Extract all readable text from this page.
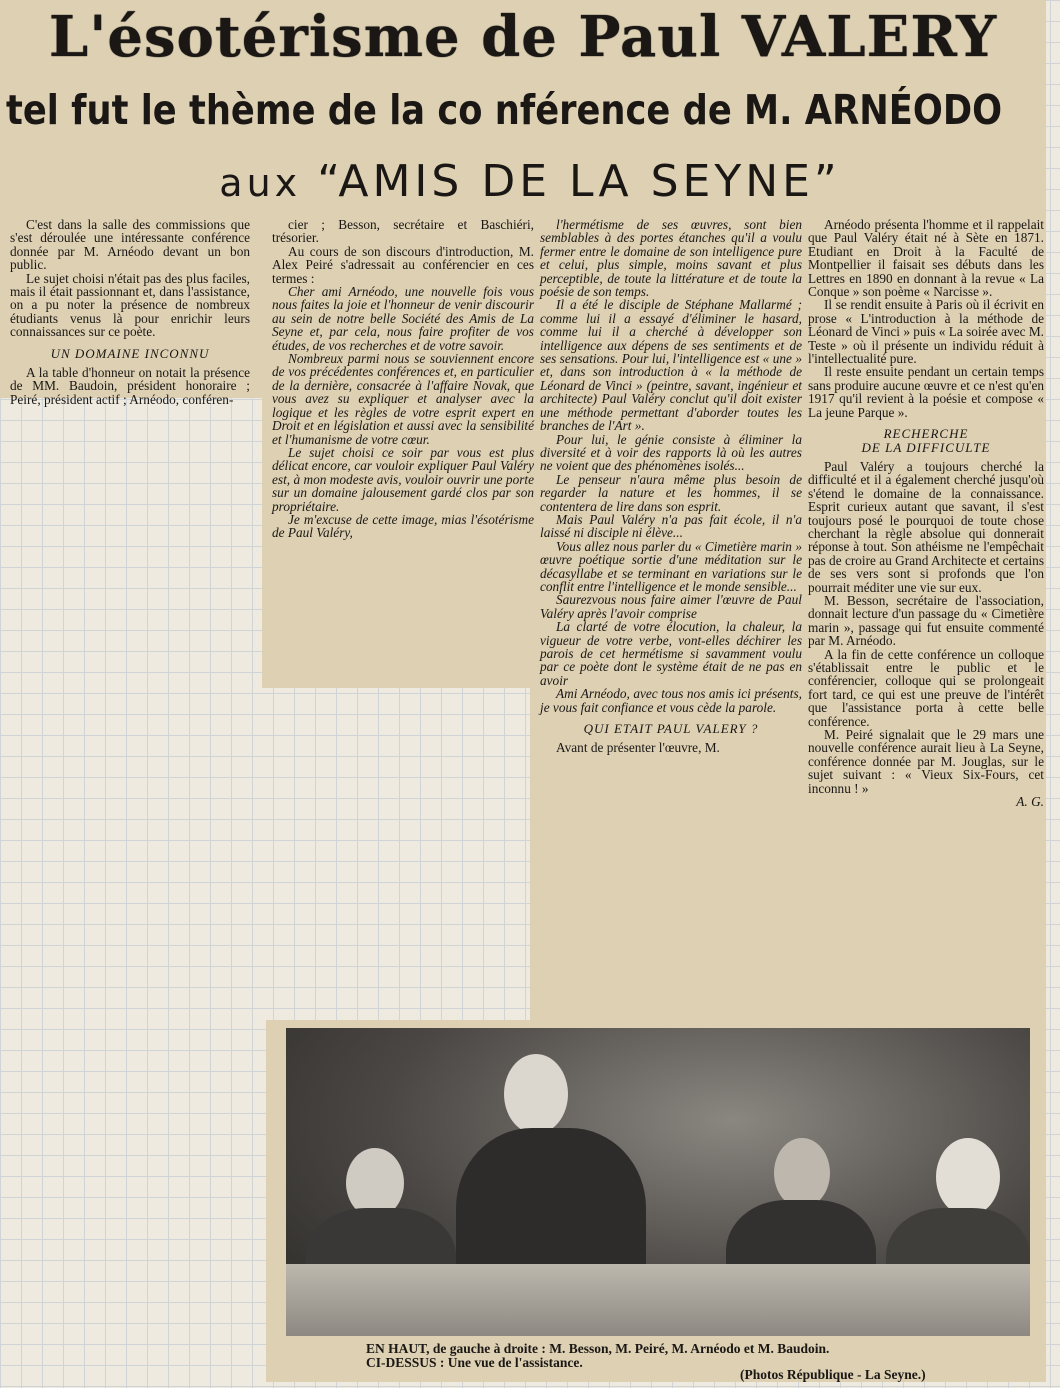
L'ésotérisme de Paul VALERY
tel fut le thème de la co nférence de M. ARNÉODO
aux “AMIS DE LA SEYNE”

C'est dans la salle des commissions que s'est déroulée une intéressante conférence donnée par M. Arnéodo devant un bon public.

Le sujet choisi n'était pas des plus faciles, mais il était passionnant et, dans l'assistance, on a pu noter la présence de nombreux étudiants venus là pour enrichir leurs connaissances sur ce poète.

UN DOMAINE INCONNU

A la table d'honneur on notait la présence de MM. Baudoin, président honoraire ; Peiré, président actif ; Arnéodo, conféren-

cier ; Besson, secrétaire et Baschiéri, trésorier.

Au cours de son discours d'introduction, M. Alex Peiré s'adressait au conférencier en ces termes :

Cher ami Arnéodo, une nouvelle fois vous nous faites la joie et l'honneur de venir discourir au sein de notre belle Société des Amis de La Seyne et, par cela, nous faire profiter de vos études, de vos recherches et de votre savoir.

Nombreux parmi nous se souviennent encore de vos précédentes conférences et, en particulier de la dernière, consacrée à l'affaire Novak, que vous avez su expliquer et analyser avec la logique et les règles de votre esprit expert en Droit et en législation et aussi avec la sensibilité et l'humanisme de votre cœur.

Le sujet choisi ce soir par vous est plus délicat encore, car vouloir expliquer Paul Valéry est, à mon modeste avis, vouloir ouvrir une porte sur un domaine jalousement gardé clos par son propriétaire.

Je m'excuse de cette image, mias l'ésotérisme de Paul Valéry,

l'hermétisme de ses œuvres, sont bien semblables à des portes étanches qu'il a voulu fermer entre le domaine de son intelligence pure et celui, plus simple, moins savant et plus perceptible, de toute la littérature et de toute la poésie de son temps.

Il a été le disciple de Stéphane Mallarmé ; comme lui il a essayé d'éliminer le hasard, comme lui il a cherché à développer son intelligence aux dépens de ses sentiments et de ses sensations. Pour lui, l'intelligence est « une » et, dans son introduction à « la méthode de Léonard de Vinci » (peintre, savant, ingénieur et architecte) Paul Valéry conclut qu'il doit exister une méthode permettant d'aborder toutes les branches de l'Art ».

Pour lui, le génie consiste à éliminer la diversité et à voir des rapports là où les autres ne voient que des phénomènes isolés...

Le penseur n'aura même plus besoin de regarder la nature et les hommes, il se contentera de lire dans son esprit.

Mais Paul Valéry n'a pas fait école, il n'a laissé ni disciple ni élève...

Vous allez nous parler du « Cimetière marin » œuvre poétique sortie d'une méditation sur le décasyllabe et se terminant en variations sur le conflit entre l'intelligence et le monde sensible...

Saurezvous nous faire aimer l'œuvre de Paul Valéry après l'avoir comprise

La clarté de votre élocution, la chaleur, la vigueur de votre verbe, vont-elles déchirer les parois de cet hermétisme si savamment voulu par ce poète dont le système était de ne pas en avoir

Ami Arnéodo, avec tous nos amis ici présents, je vous fait confiance et vous cède la parole.

QUI ETAIT PAUL VALERY ?

Avant de présenter l'œuvre, M.

Arnéodo présenta l'homme et il rappelait que Paul Valéry était né à Sète en 1871. Etudiant en Droit à la Faculté de Montpellier il faisait ses débuts dans les Lettres en 1890 en donnant à la revue « La Conque » son poème « Narcisse ».

Il se rendit ensuite à Paris où il écrivit en prose « L'introduction à la méthode de Léonard de Vinci » puis « La soirée avec M. Teste » où il présente un individu réduit à l'intellectualité pure.

Il reste ensuite pendant un certain temps sans produire aucune œuvre et ce n'est qu'en 1917 qu'il revient à la poésie et compose « La jeune Parque ».

RECHERCHE

DE LA DIFFICULTE

Paul Valéry a toujours cherché la difficulté et il a également cherché jusqu'où s'étend le domaine de la connaissance. Esprit curieux autant que savant, il s'est toujours posé le pourquoi de toute chose cherchant la règle absolue qui donnerait réponse à tout. Son athéisme ne l'empêchait pas de croire au Grand Architecte et certains de ses vers sont si profonds que l'on pourrait méditer une vie sur eux.

M. Besson, secrétaire de l'association, donnait lecture d'un passage du « Cimetière marin », passage qui fut ensuite commenté par M. Arnéodo.

A la fin de cette conférence un colloque s'établissait entre le public et le conférencier, colloque qui se prolongeait fort tard, ce qui est une preuve de l'intérêt que l'assistance porta à cette belle conférence.

M. Peiré signalait que le 29 mars une nouvelle conférence aurait lieu à La Seyne, conférence donnée par M. Jouglas, sur le sujet suivant : « Vieux Six-Fours, cet inconnu ! »

A. G.

EN HAUT, de gauche à droite : M. Besson, M. Peiré, M. Arnéodo et M. Baudoin.
CI-DESSUS : Une vue de l'assistance.
(Photos République - La Seyne.)
